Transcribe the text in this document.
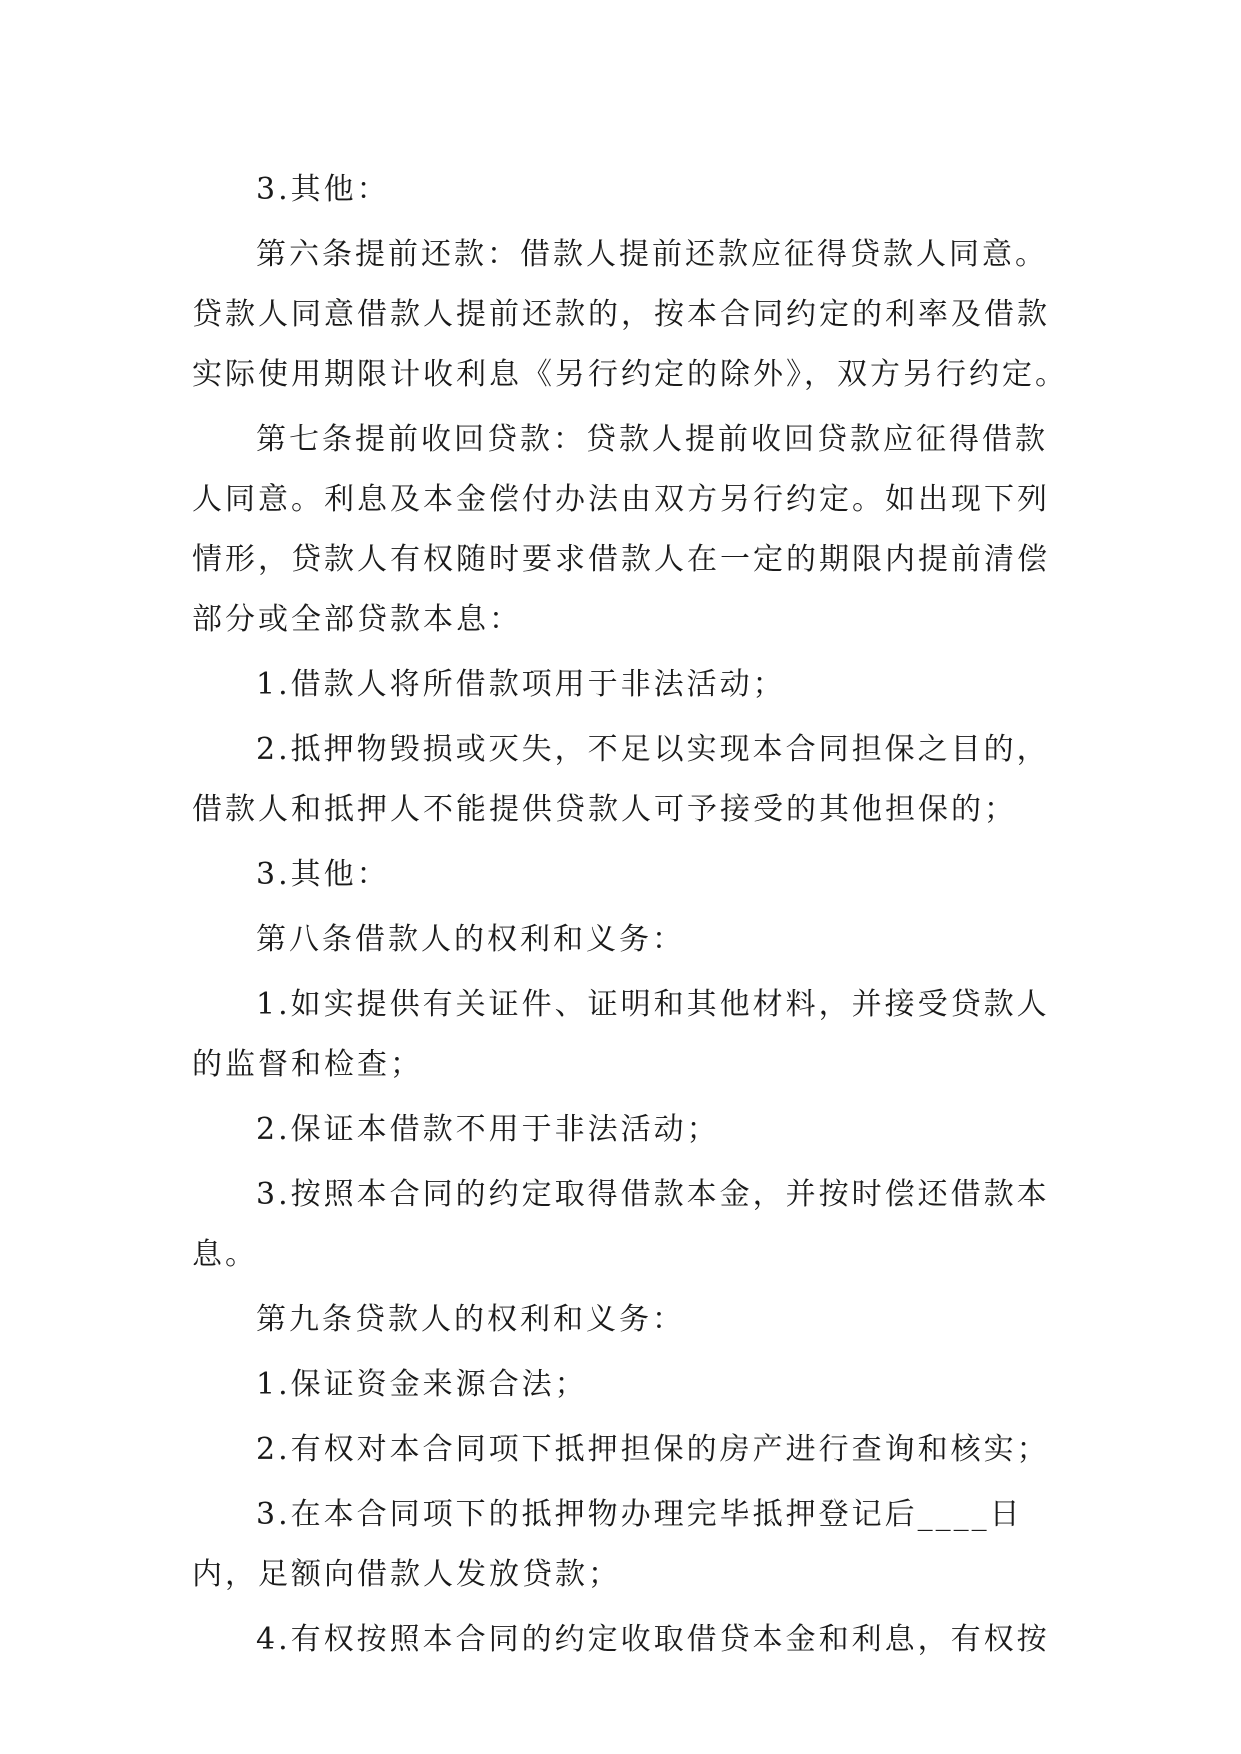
3.其他：

第六条提前还款：借款人提前还款应征得贷款人同意。贷款人同意借款人提前还款的，按本合同约定的利率及借款实际使用期限计收利息《另行约定的除外》，双方另行约定。

第七条提前收回贷款：贷款人提前收回贷款应征得借款人同意。利息及本金偿付办法由双方另行约定。如出现下列情形，贷款人有权随时要求借款人在一定的期限内提前清偿部分或全部贷款本息：

1.借款人将所借款项用于非法活动；

2.抵押物毁损或灭失，不足以实现本合同担保之目的，借款人和抵押人不能提供贷款人可予接受的其他担保的；

3.其他：

第八条借款人的权利和义务：

1.如实提供有关证件、证明和其他材料，并接受贷款人的监督和检查；

2.保证本借款不用于非法活动；

3.按照本合同的约定取得借款本金，并按时偿还借款本息。

第九条贷款人的权利和义务：

1.保证资金来源合法；

2.有权对本合同项下抵押担保的房产进行查询和核实；

3.在本合同项下的抵押物办理完毕抵押登记后____日内，足额向借款人发放贷款；

4.有权按照本合同的约定收取借贷本金和利息，有权按
